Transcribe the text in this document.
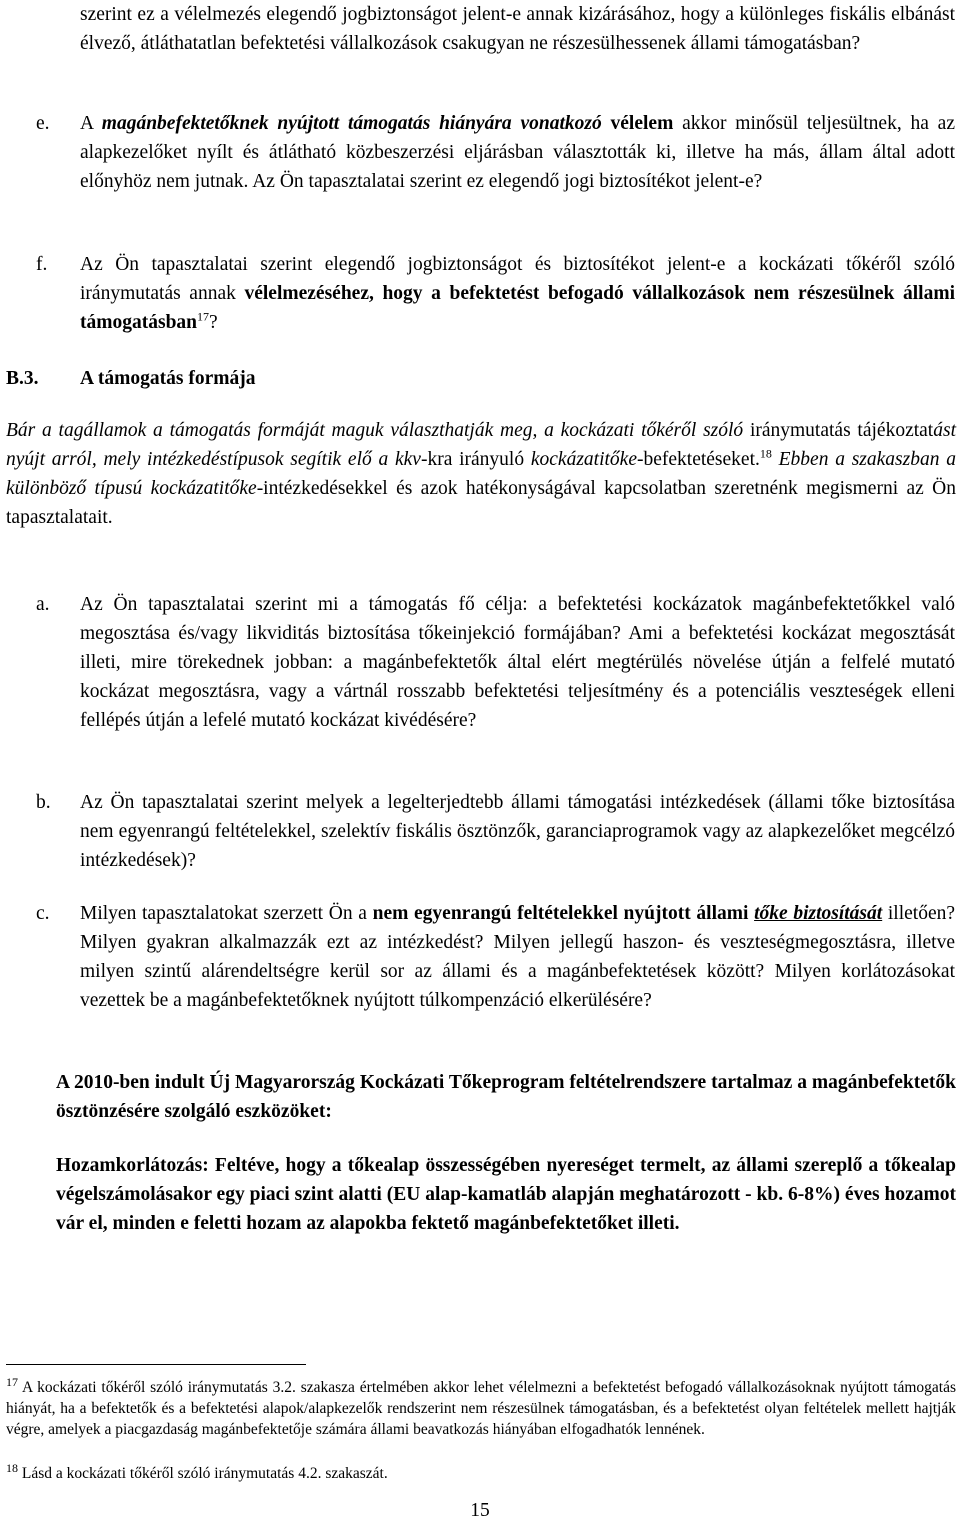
szerint ez a vélelmezés elegendő jogbiztonságot jelent-e annak kizárásához, hogy a különleges fiskális elbánást élvező, átláthatatlan befektetési vállalkozások csakugyan ne részesülhessenek állami támogatásban?

e. A magánbefektetőknek nyújtott támogatás hiányára vonatkozó vélelem akkor minősül teljesültnek, ha az alapkezelőket nyílt és átlátható közbeszerzési eljárásban választották ki, illetve ha más, állam által adott előnyhöz nem jutnak. Az Ön tapasztalatai szerint ez elegendő jogi biztosítékot jelent-e?

f. Az Ön tapasztalatai szerint elegendő jogbiztonságot és biztosítékot jelent-e a kockázati tőkéről szóló iránymutatás annak vélelmezéséhez, hogy a befektetést befogadó vállalkozások nem részesülnek állami támogatásban$^{17}$?

B.3. A támogatás formája

Bár a tagállamok a támogatás formáját maguk választhatják meg, a kockázati tőkéről szóló iránymutatás tájékoztatást nyújt arról, mely intézkedéstípusok segítik elő a kkv-kra irányuló kockázatitőke-befektetéseket.$^{18}$ Ebben a szakaszban a különböző típusú kockázatitőke-intézkedésekkel és azok hatékonyságával kapcsolatban szeretnénk megismerni az Ön tapasztalatait.

a. Az Ön tapasztalatai szerint mi a támogatás fő célja: a befektetési kockázatok magánbefektetőkkel való megosztása és/vagy likviditás biztosítása tőkeinjekció formájában? Ami a befektetési kockázat megosztását illeti, mire törekednek jobban: a magánbefektetők által elért megtérülés növelése útján a felfelé mutató kockázat megosztásra, vagy a vártnál rosszabb befektetési teljesítmény és a potenciális veszteségek elleni fellépés útján a lefelé mutató kockázat kivédésére?

b. Az Ön tapasztalatai szerint melyek a legelterjedtebb állami támogatási intézkedések (állami tőke biztosítása nem egyenrangú feltételekkel, szelektív fiskális ösztönzők, garanciaprogramok vagy az alapkezelőket megcélzó intézkedések)?

c. Milyen tapasztalatokat szerzett Ön a nem egyenrangú feltételekkel nyújtott állami tőke biztosítását illetően? Milyen gyakran alkalmazzák ezt az intézkedést? Milyen jellegű haszon- és veszteségmegosztásra, illetve milyen szintű alárendeltségre kerül sor az állami és a magánbefektetések között? Milyen korlátozásokat vezettek be a magánbefektetőknek nyújtott túlkompenzáció elkerülésére?

A 2010-ben indult Új Magyarország Kockázati Tőkeprogram feltételrendszere tartalmaz a magánbefektetők ösztönzésére szolgáló eszközöket:

Hozamkorlátozás: Feltéve, hogy a tőkealap összességében nyereséget termelt, az állami szereplő a tőkealap végelszámolásakor egy piaci szint alatti (EU alap-kamatláb alapján meghatározott - kb. 6-8%) éves hozamot vár el, minden e feletti hozam az alapokba fektető magánbefektetőket illeti.

$^{17}$ A kockázati tőkéről szóló iránymutatás 3.2. szakasza értelmében akkor lehet vélelmezni a befektetést befogadó vállalkozásoknak nyújtott támogatás hiányát, ha a befektetők és a befektetési alapok/alapkezelők rendszerint nem részesülnek támogatásban, és a befektetést olyan feltételek mellett hajtják végre, amelyek a piacgazdaság magánbefektetője számára állami beavatkozás hiányában elfogadhatók lennének.

$^{18}$ Lásd a kockázati tőkéről szóló iránymutatás 4.2. szakaszát.

15
